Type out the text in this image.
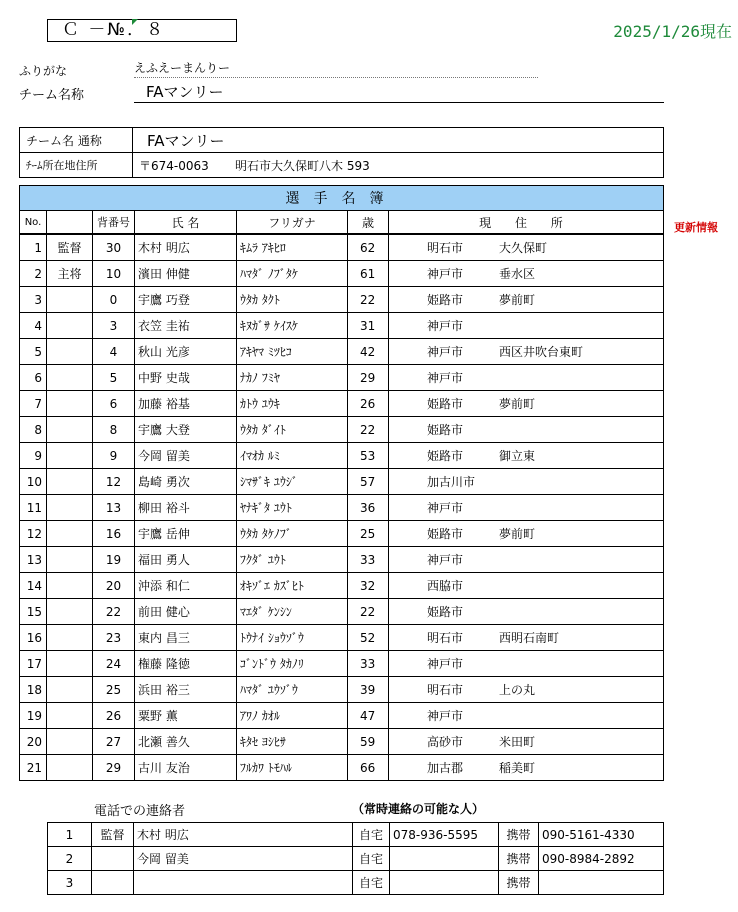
Ｃ －№．８	2025/1/26現在
ふりがな	えふえーまんりー
チーム名称	FAマンリー
チーム名 通称	FAマンリー
ﾁｰﾑ所在地住所	〒674-0063 明石市大久保町八木 593
更新情報
選手名簿						
No.		背番号	氏 名	フリガナ	歳	現 住 所
1	監督	30	木村 明広	ｷﾑﾗ ｱｷﾋﾛ	62	明石市 大久保町
2	主将	10	濱田 伸健	ﾊﾏﾀﾞ ﾉﾌﾞﾀｹ	61	神戸市 垂水区
3		0	宇鷹 巧登	ｳﾀｶ ﾀｸﾄ	22	姫路市 夢前町
4		3	衣笠 圭祐	ｷﾇｶﾞｻ ｹｲｽｹ	31	神戸市
5		4	秋山 光彦	ｱｷﾔﾏ ﾐﾂﾋｺ	42	神戸市 西区井吹台東町
6		5	中野 史哉	ﾅｶﾉ ﾌﾐﾔ	29	神戸市
7		6	加藤 裕基	ｶﾄｳ ﾕｳｷ	26	姫路市 夢前町
8		8	宇鷹 大登	ｳﾀｶ ﾀﾞｲﾄ	22	姫路市
9		9	今岡 留美	ｲﾏｵｶ ﾙﾐ	53	姫路市 御立東
10		12	島崎 勇次	ｼﾏｻﾞｷ ﾕｳｼﾞ	57	加古川市
11		13	柳田 裕斗	ﾔﾅｷﾞﾀ ﾕｳﾄ	36	神戸市
12		16	宇鷹 岳伸	ｳﾀｶ ﾀｹﾉﾌﾞ	25	姫路市 夢前町
13		19	福田 勇人	ﾌｸﾀﾞ ﾕｳﾄ	33	神戸市
14		20	沖添 和仁	ｵｷｿﾞｴ ｶｽﾞﾋﾄ	32	西脇市
15		22	前田 健心	ﾏｴﾀﾞ ｹﾝｼﾝ	22	姫路市
16		23	東内 昌三	ﾄｳﾅｲ ｼｮｳｿﾞｳ	52	明石市 西明石南町
17		24	権藤 隆徳	ｺﾞﾝﾄﾞｳ ﾀｶﾉﾘ	33	神戸市
18		25	浜田 裕三	ﾊﾏﾀﾞ ﾕｳｿﾞｳ	39	明石市 上の丸
19		26	粟野 薫	ｱﾜﾉ ｶｵﾙ	47	神戸市
20		27	北瀬 善久	ｷﾀｾ ﾖｼﾋｻ	59	高砂市 米田町
21		29	古川 友治	ﾌﾙｶﾜ ﾄﾓﾊﾙ	66	加古郡 稲美町
電話での連絡者	（常時連絡の可能な人）
1	監督	木村 明広	自宅	078-936-5595	携帯	090-5161-4330
2		今岡 留美	自宅		携帯	090-8984-2892
3			自宅		携帯	
